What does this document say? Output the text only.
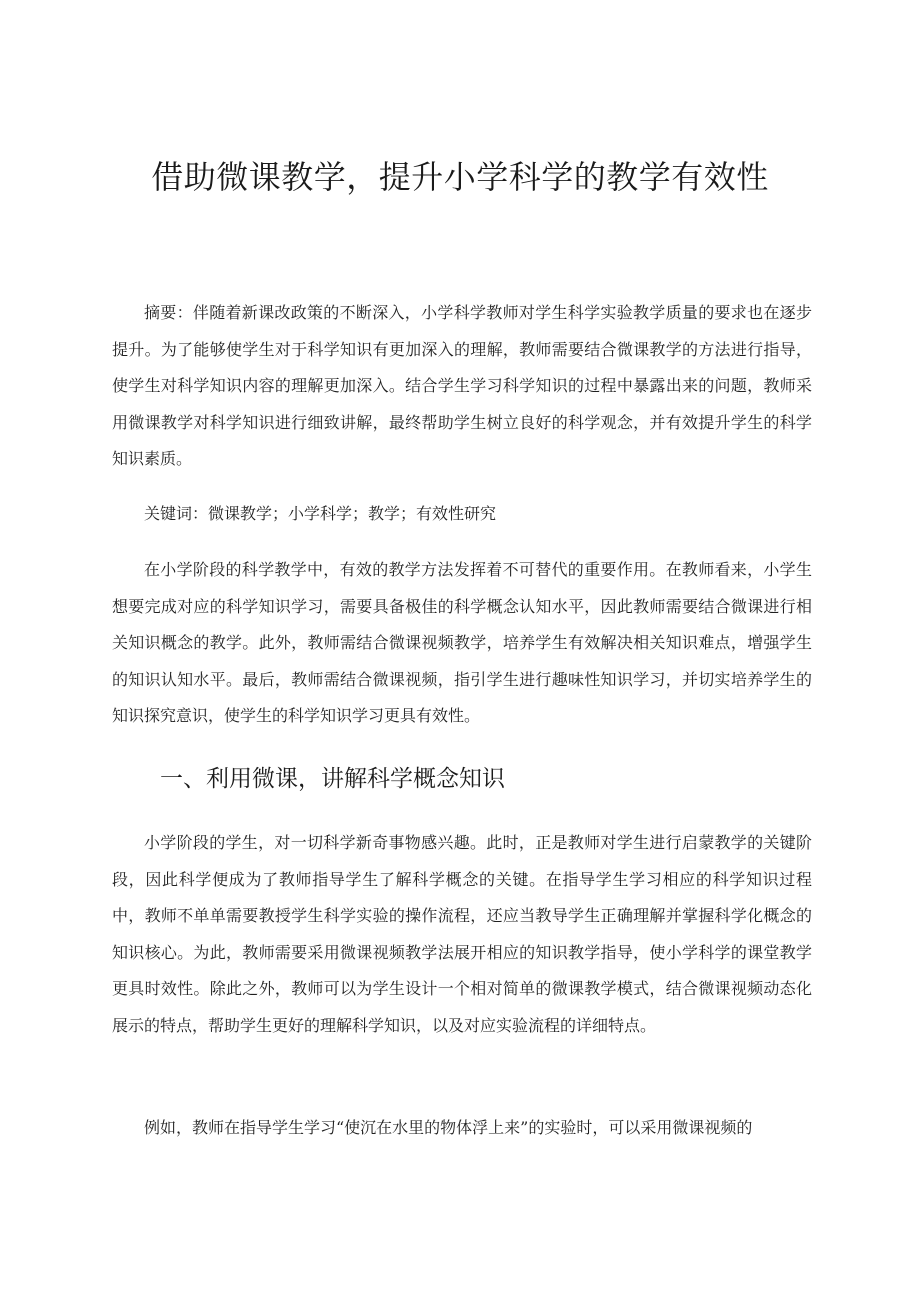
借助微课教学，提升小学科学的教学有效性

摘要：伴随着新课改政策的不断深入，小学科学教师对学生科学实验教学质量的要求也在逐步提升。为了能够使学生对于科学知识有更加深入的理解，教师需要结合微课教学的方法进行指导，使学生对科学知识内容的理解更加深入。结合学生学习科学知识的过程中暴露出来的问题，教师采用微课教学对科学知识进行细致讲解，最终帮助学生树立良好的科学观念，并有效提升学生的科学知识素质。

关键词：微课教学；小学科学；教学；有效性研究

在小学阶段的科学教学中，有效的教学方法发挥着不可替代的重要作用。在教师看来，小学生想要完成对应的科学知识学习，需要具备极佳的科学概念认知水平，因此教师需要结合微课进行相关知识概念的教学。此外，教师需结合微课视频教学，培养学生有效解决相关知识难点，增强学生的知识认知水平。最后，教师需结合微课视频，指引学生进行趣味性知识学习，并切实培养学生的知识探究意识，使学生的科学知识学习更具有效性。

一、利用微课，讲解科学概念知识

小学阶段的学生，对一切科学新奇事物感兴趣。此时，正是教师对学生进行启蒙教学的关键阶段，因此科学便成为了教师指导学生了解科学概念的关键。在指导学生学习相应的科学知识过程中，教师不单单需要教授学生科学实验的操作流程，还应当教导学生正确理解并掌握科学化概念的知识核心。为此，教师需要采用微课视频教学法展开相应的知识教学指导，使小学科学的课堂教学更具时效性。除此之外，教师可以为学生设计一个相对简单的微课教学模式，结合微课视频动态化展示的特点，帮助学生更好的理解科学知识，以及对应实验流程的详细特点。

例如，教师在指导学生学习“使沉在水里的物体浮上来”的实验时，可以采用微课视频的
